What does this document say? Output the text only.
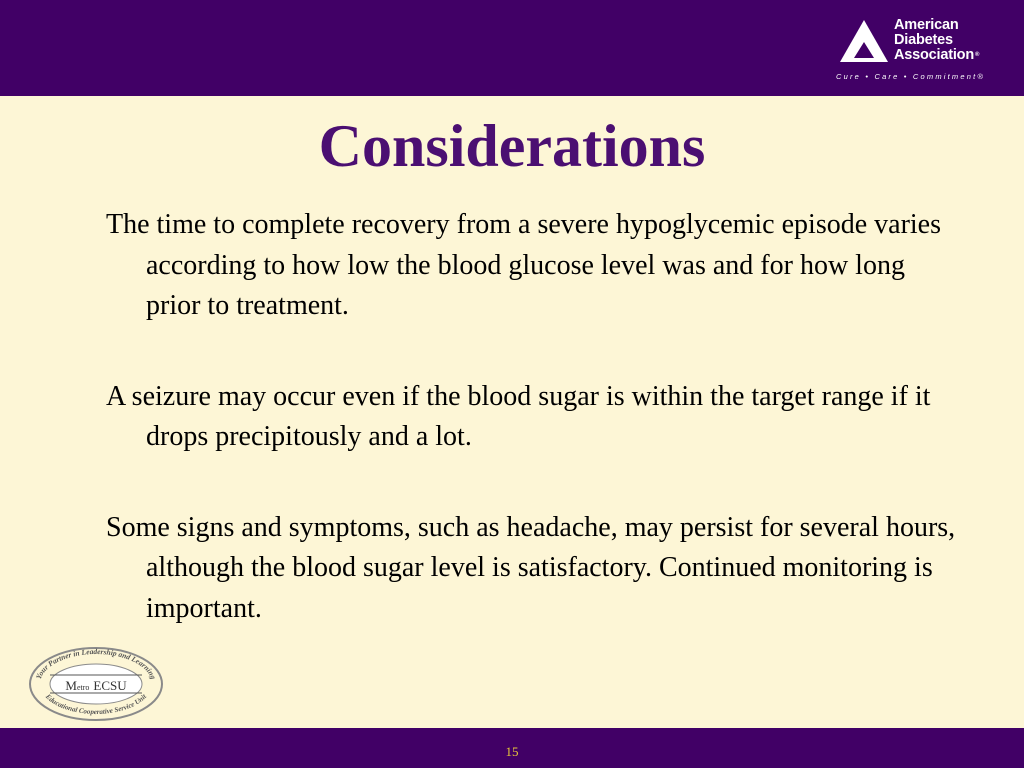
American
Diabetes
Association®
Cure • Care • Commitment®
Considerations

The time to complete recovery from a severe hypoglycemic episode varies according to how low the blood glucose level was and for how long prior to treatment.

A seizure may occur even if the blood sugar is within the target range if it drops precipitously and a lot.

Some signs and symptoms, such as headache, may persist for several hours, although the blood sugar level is satisfactory. Continued monitoring is important.

Your Partner in Leadership and Learning
Educational Cooperative Service Unit
Metro ECSU
15
